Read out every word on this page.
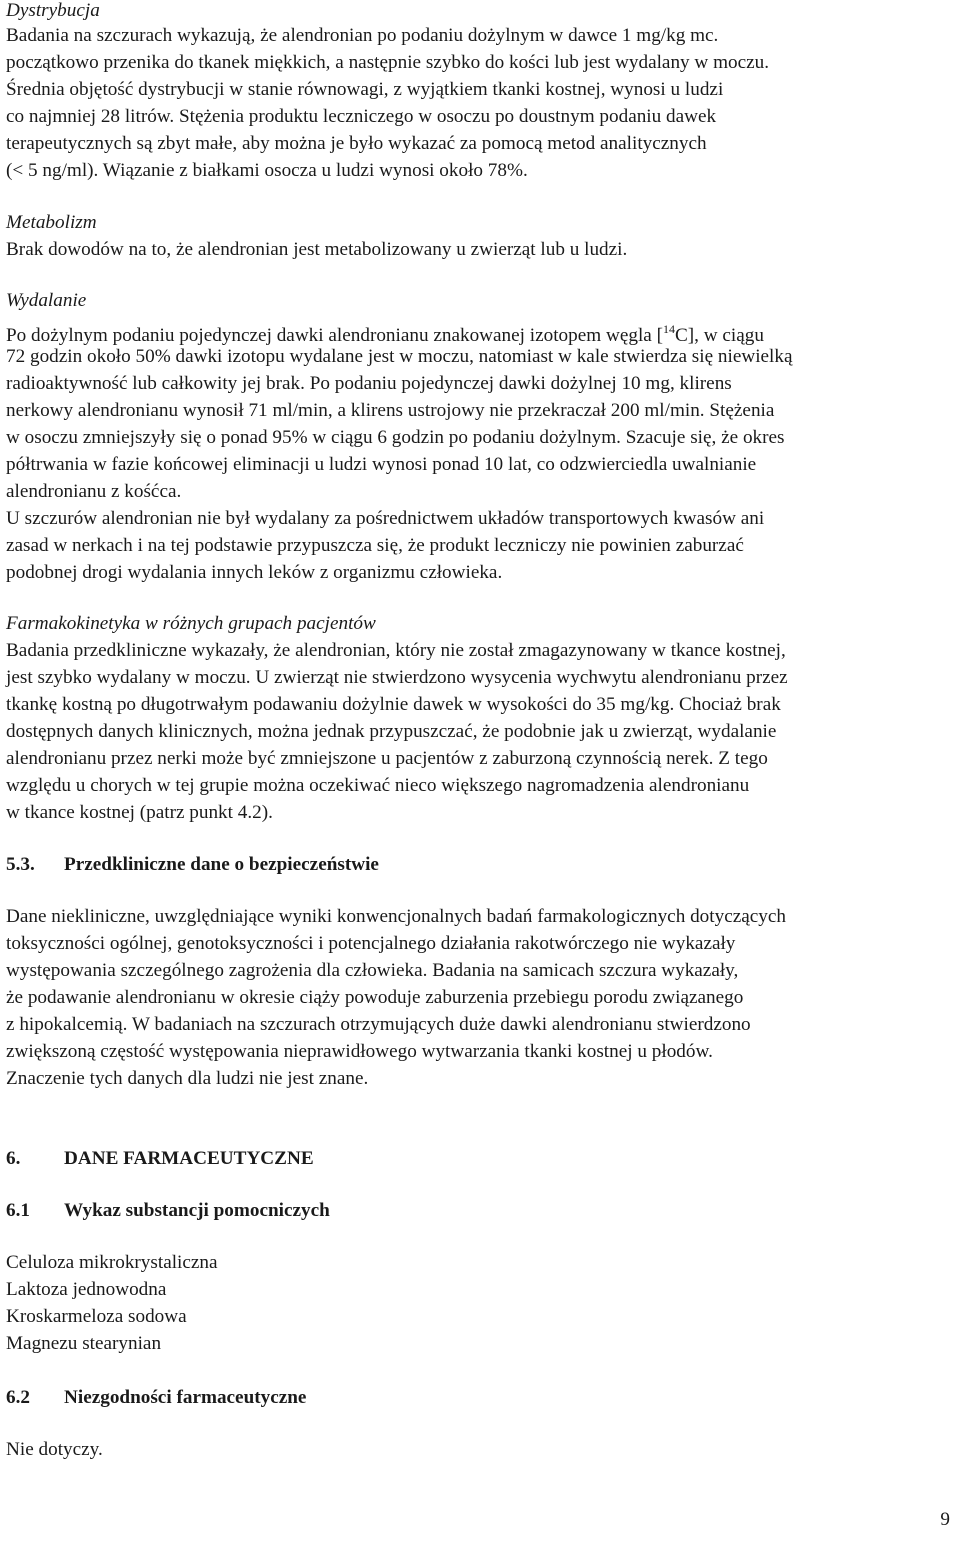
Dystrybucja
Badania na szczurach wykazują, że alendronian po podaniu dożylnym w dawce 1 mg/kg mc.
początkowo przenika do tkanek miękkich, a następnie szybko do kości lub jest wydalany w moczu.
Średnia objętość dystrybucji w stanie równowagi, z wyjątkiem tkanki kostnej, wynosi u ludzi
co najmniej 28 litrów. Stężenia produktu leczniczego w osoczu po doustnym podaniu dawek
terapeutycznych są zbyt małe, aby można je było wykazać za pomocą metod analitycznych
(< 5 ng/ml). Wiązanie z białkami osocza u ludzi wynosi około 78%.
Metabolizm
Brak dowodów na to, że alendronian jest metabolizowany u zwierząt lub u ludzi.
Wydalanie
Po dożylnym podaniu pojedynczej dawki alendronianu znakowanej izotopem węgla [$^{14}$C], w ciągu
72 godzin około 50% dawki izotopu wydalane jest w moczu, natomiast w kale stwierdza się niewielką
radioaktywność lub całkowity jej brak. Po podaniu pojedynczej dawki dożylnej 10 mg, klirens
nerkowy alendronianu wynosił 71 ml/min, a klirens ustrojowy nie przekraczał 200 ml/min. Stężenia
w osoczu zmniejszyły się o ponad 95% w ciągu 6 godzin po podaniu dożylnym. Szacuje się, że okres
półtrwania w fazie końcowej eliminacji u ludzi wynosi ponad 10 lat, co odzwierciedla uwalnianie
alendronianu z kośćca.
U szczurów alendronian nie był wydalany za pośrednictwem układów transportowych kwasów ani
zasad w nerkach i na tej podstawie przypuszcza się, że produkt leczniczy nie powinien zaburzać
podobnej drogi wydalania innych leków z organizmu człowieka.
Farmakokinetyka w różnych grupach pacjentów
Badania przedkliniczne wykazały, że alendronian, który nie został zmagazynowany w tkance kostnej,
jest szybko wydalany w moczu. U zwierząt nie stwierdzono wysycenia wychwytu alendronianu przez
tkankę kostną po długotrwałym podawaniu dożylnie dawek w wysokości do 35 mg/kg. Chociaż brak
dostępnych danych klinicznych, można jednak przypuszczać, że podobnie jak u zwierząt, wydalanie
alendronianu przez nerki może być zmniejszone u pacjentów z zaburzoną czynnością nerek. Z tego
względu u chorych w tej grupie można oczekiwać nieco większego nagromadzenia alendronianu
w tkance kostnej (patrz punkt 4.2).
5.3. Przedkliniczne dane o bezpieczeństwie
Dane niekliniczne, uwzględniające wyniki konwencjonalnych badań farmakologicznych dotyczących
toksyczności ogólnej, genotoksyczności i potencjalnego działania rakotwórczego nie wykazały
występowania szczególnego zagrożenia dla człowieka. Badania na samicach szczura wykazały,
że podawanie alendronianu w okresie ciąży powoduje zaburzenia przebiegu porodu związanego
z hipokalcemią. W badaniach na szczurach otrzymujących duże dawki alendronianu stwierdzono
zwiększoną częstość występowania nieprawidłowego wytwarzania tkanki kostnej u płodów.
Znaczenie tych danych dla ludzi nie jest znane.
6. DANE FARMACEUTYCZNE
6.1 Wykaz substancji pomocniczych
Celuloza mikrokrystaliczna
Laktoza jednowodna
Kroskarmeloza sodowa
Magnezu stearynian
6.2 Niezgodności farmaceutyczne
Nie dotyczy.
9
